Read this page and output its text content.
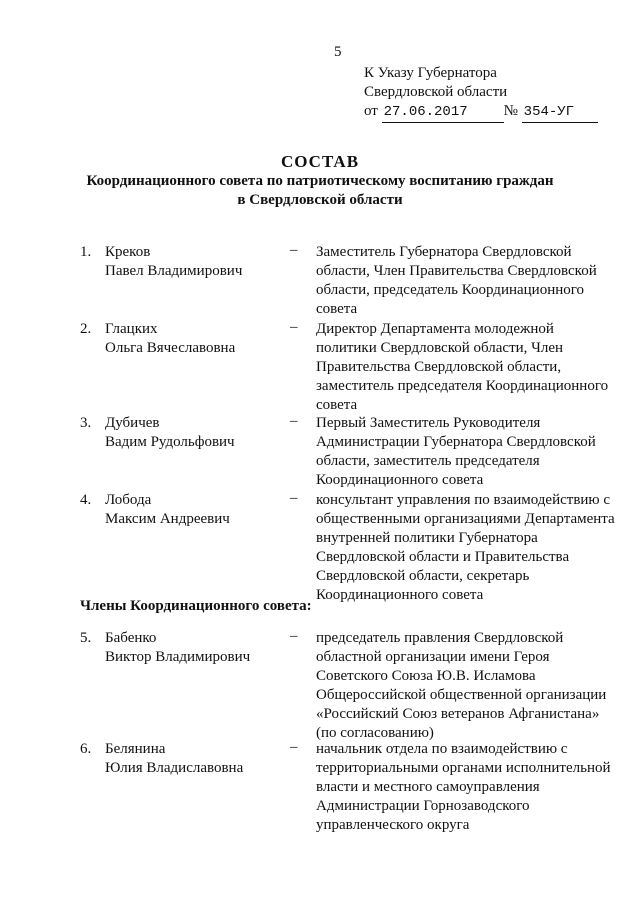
5
К Указу Губернатора
Свердловской области
от 27.06.2017 № 354-УГ
СОСТАВ
Координационного совета по патриотическому воспитанию граждан
в Свердловской области
1. Креков
Павел Владимирович
– Заместитель Губернатора Свердловской области, Член Правительства Свердловской области, председатель Координационного совета
2. Глацких
Ольга Вячеславовна
– Директор Департамента молодежной политики Свердловской области, Член Правительства Свердловской области, заместитель председателя Координационного совета
3. Дубичев
Вадим Рудольфович
– Первый Заместитель Руководителя Администрации Губернатора Свердловской области, заместитель председателя Координационного совета
4. Лобода
Максим Андреевич
– консультант управления по взаимодействию с общественными организациями Департамента внутренней политики Губернатора Свердловской области и Правительства Свердловской области, секретарь Координационного совета
Члены Координационного совета:
5. Бабенко
Виктор Владимирович
– председатель правления Свердловской областной организации имени Героя Советского Союза Ю.В. Исламова Общероссийской общественной организации «Российский Союз ветеранов Афганистана» (по согласованию)
6. Белянина
Юлия Владиславовна
– начальник отдела по взаимодействию с территориальными органами исполнительной власти и местного самоуправления Администрации Горнозаводского управленческого округа
